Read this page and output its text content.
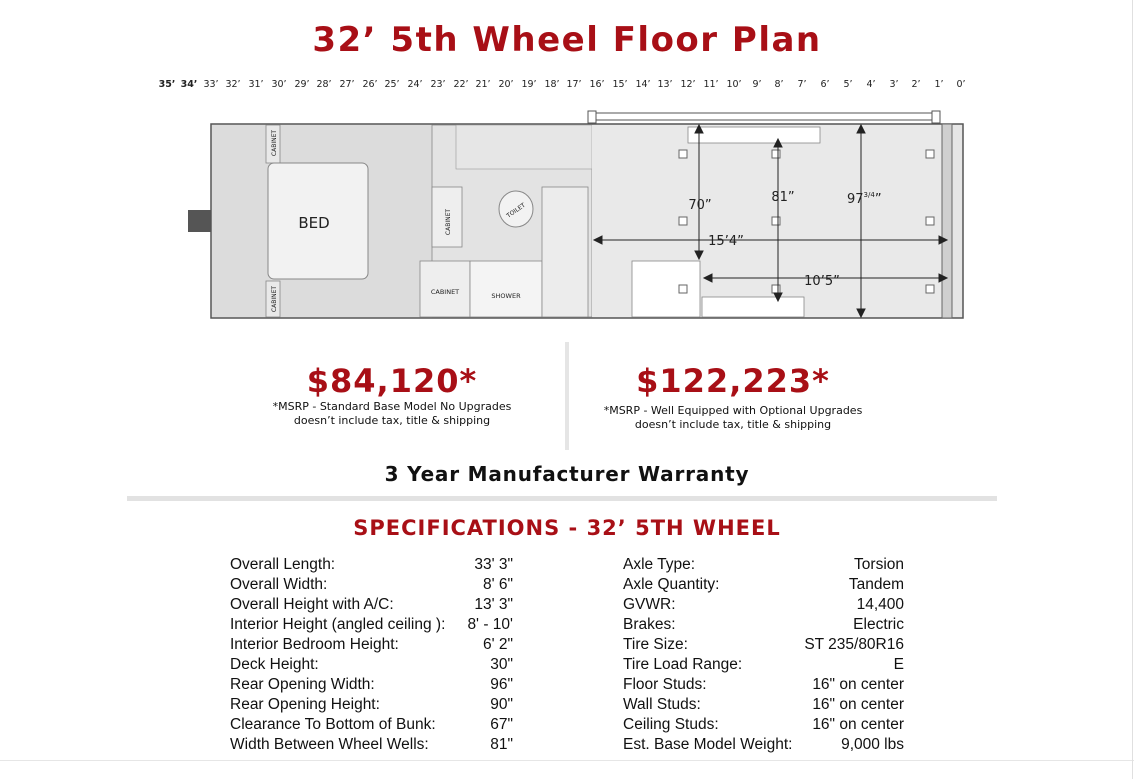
32’ 5th Wheel Floor Plan
35’ 34’ 33’ 32’ 31’ 30’ 29’ 28’ 27’ 26’ 25’ 24’ 23’ 22’ 21’ 20’ 19’ 18’ 17’ 16’ 15’ 14’ 13’ 12’ 11’ 10’ 9’ 8’ 7’ 6’ 5’ 4’ 3’ 2’ 1’ 0’
BED
CABINET
CABINET
CABINET
CABINET	SHOWER
TOILET	70”
81”	$97^{3/4}$”
15’4”
10’5”
$84,120*
*MSRP - Standard Base Model No Upgrades
doesn’t include tax, title & shipping
$122,223*
*MSRP - Well Equipped with Optional Upgrades
doesn’t include tax, title & shipping
3 Year Manufacturer Warranty
SPECIFICATIONS - 32’ 5TH WHEEL
Overall Length:	33' 3"
Overall Width:	8' 6"
Overall Height with A/C:	13' 3"
Interior Height (angled ceiling ): 8' - 10'
Interior Bedroom Height:	6' 2"
Deck Height:	30"
Rear Opening Width:	96"
Rear Opening Height:	90"
Clearance To Bottom of Bunk:	67"
Width Between Wheel Wells:	81"
Axle Type:	Torsion
Axle Quantity:	Tandem
GVWR:	14,400
Brakes:	Electric
Tire Size:	ST 235/80R16
Tire Load Range:	E
Floor Studs:	16" on center
Wall Studs:	16" on center
Ceiling Studs:	16" on center
Est. Base Model Weight:	9,000 lbs
